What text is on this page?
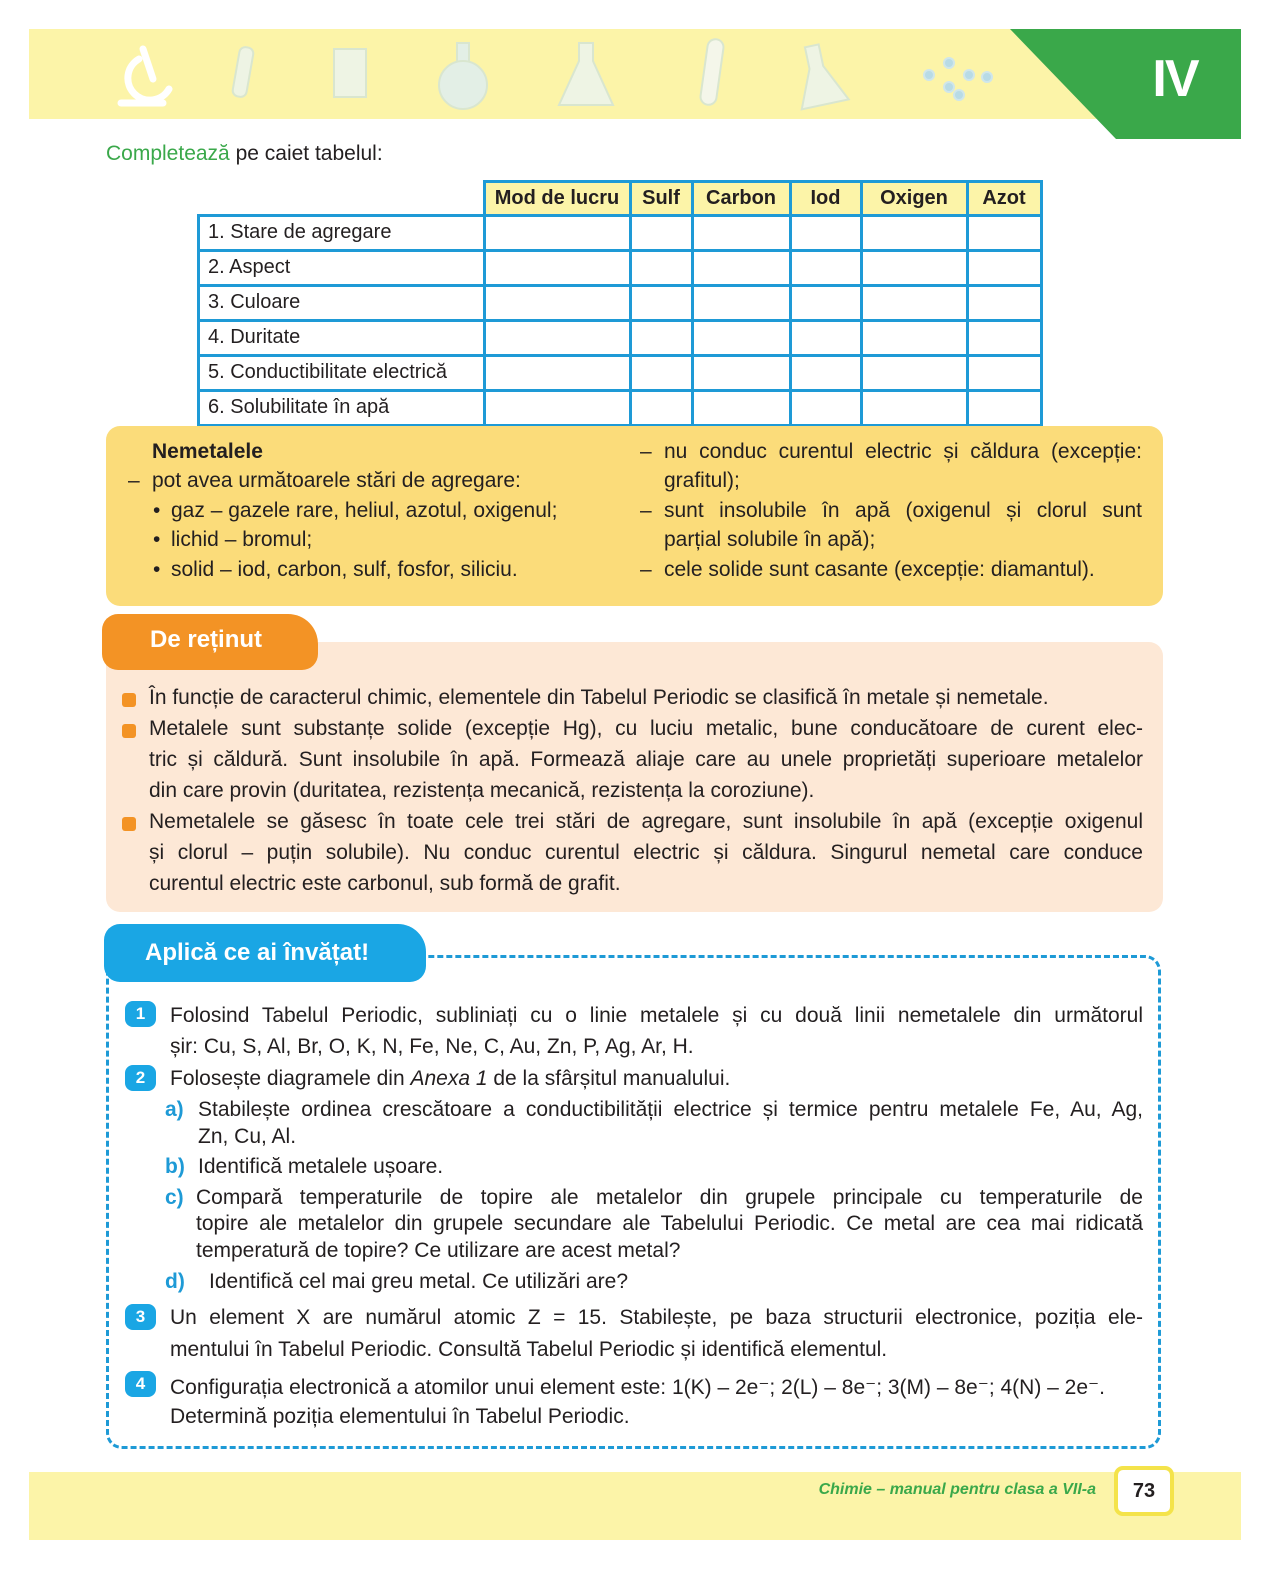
IV
Completează pe caiet tabelul:
	Mod de lucru	Sulf	Carbon	Iod	Oxigen	Azot
1. Stare de agregare						
2. Aspect						
3. Culoare						
4. Duritate						
5. Conductibilitate electrică						
6. Solubilitate în apă						
Nemetalele
– pot avea următoarele stări de agregare:
• gaz – gazele rare, heliul, azotul, oxigenul;
• lichid – bromul;
• solid – iod, carbon, sulf, fosfor, siliciu.
– nu conduc curentul electric și căldura (excepție:
grafitul);
– sunt insolubile în apă (oxigenul și clorul sunt
parțial solubile în apă);
– cele solide sunt casante (excepție: diamantul).
De reținut
În funcție de caracterul chimic, elementele din Tabelul Periodic se clasifică în metale și nemetale.
Metalele sunt substanțe solide (excepție Hg), cu luciu metalic, bune conducătoare de curent elec-
tric și căldură. Sunt insolubile în apă. Formează aliaje care au unele proprietăți superioare metalelor
din care provin (duritatea, rezistența mecanică, rezistența la coroziune).
Nemetalele se găsesc în toate cele trei stări de agregare, sunt insolubile în apă (excepție oxigenul
și clorul – puțin solubile). Nu conduc curentul electric și căldura. Singurul nemetal care conduce
curentul electric este carbonul, sub formă de grafit.
Aplică ce ai învățat!
1	Folosind Tabelul Periodic, subliniați cu o linie metalele și cu două linii nemetalele din următorul
șir: Cu, S, Al, Br, O, K, N, Fe, Ne, C, Au, Zn, P, Ag, Ar, H.
2	Folosește diagramele din Anexa 1 de la sfârșitul manualului.
a) Stabilește ordinea crescătoare a conductibilității electrice și termice pentru metalele Fe, Au, Ag,
Zn, Cu, Al.
b) Identifică metalele ușoare.
c) Compară temperaturile de topire ale metalelor din grupele principale cu temperaturile de
topire ale metalelor din grupele secundare ale Tabelului Periodic. Ce metal are cea mai ridicată
temperatură de topire? Ce utilizare are acest metal?
d) Identifică cel mai greu metal. Ce utilizări are?
3	Un element X are numărul atomic Z = 15. Stabilește, pe baza structurii electronice, poziția ele-
mentului în Tabelul Periodic. Consultă Tabelul Periodic și identifică elementul.
4	Configurația electronică a atomilor unui element este: 1(K) – 2e⁻; 2(L) – 8e⁻; 3(M) – 8e⁻; 4(N) – 2e⁻.
Determină poziția elementului în Tabelul Periodic.
Chimie – manual pentru clasa a VII-a	73
